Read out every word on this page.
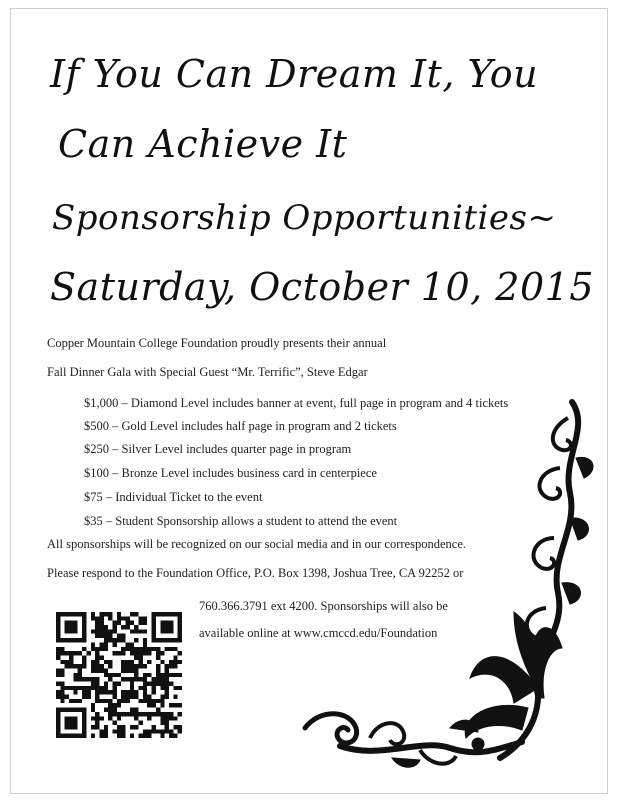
If You Can Dream It, You
Can Achieve It
Sponsorship Opportunities~
Saturday, October 10, 2015
Copper Mountain College Foundation proudly presents their annual
Fall Dinner Gala with Special Guest “Mr. Terrific”, Steve Edgar
$1,000 – Diamond Level includes banner at event, full page in program and 4 tickets
$500 – Gold Level includes half page in program and 2 tickets
$250 – Silver Level includes quarter page in program
$100 – Bronze Level includes business card in centerpiece
$75 – Individual Ticket to the event
$35 – Student Sponsorship allows a student to attend the event
All sponsorships will be recognized on our social media and in our correspondence.
Please respond to the Foundation Office, P.O. Box 1398, Joshua Tree, CA 92252 or
760.366.3791 ext 4200. Sponsorships will also be
available online at www.cmccd.edu/Foundation
